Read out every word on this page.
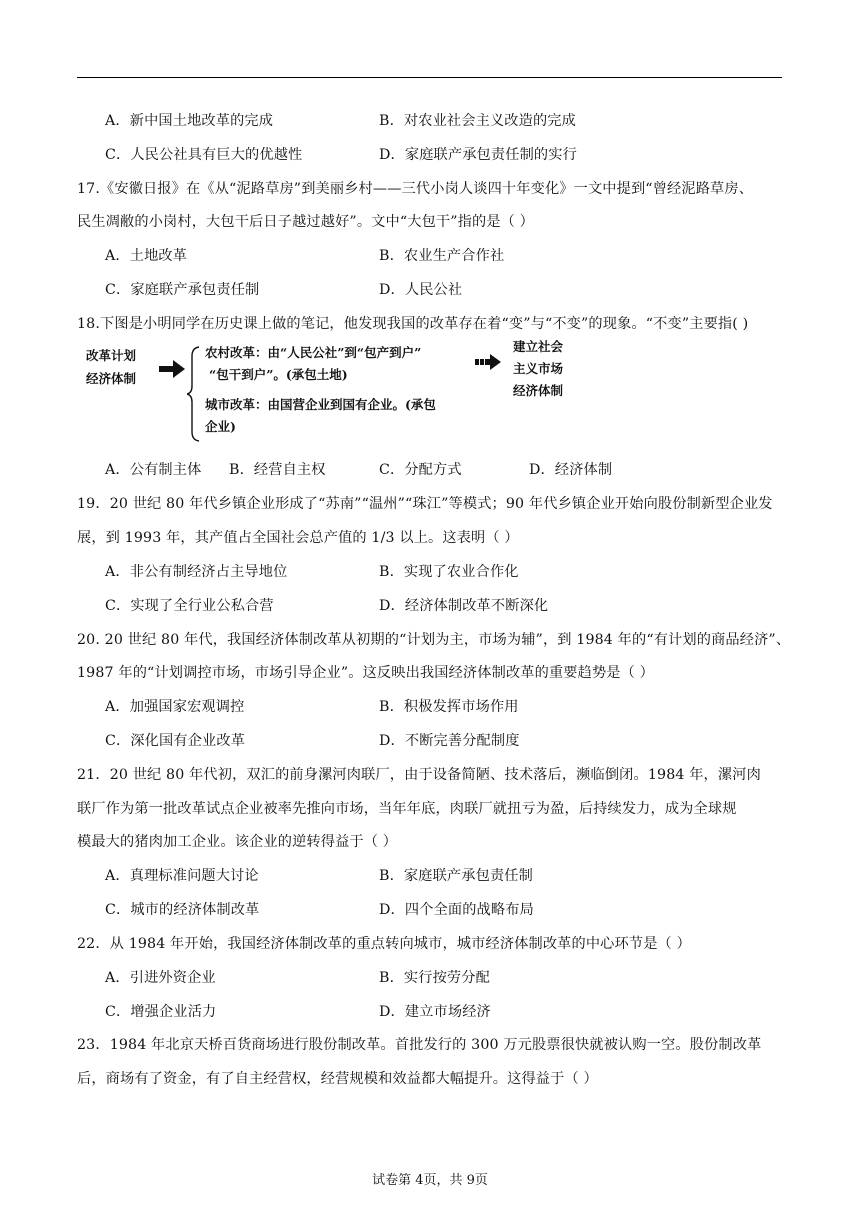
A．新中国土地改革的完成	B．对农业社会主义改造的完成
C．人民公社具有巨大的优越性	D．家庭联产承包责任制的实行
17.《安徽日报》在《从“泥路草房”到美丽乡村——三代小岗人谈四十年变化》一文中提到“曾经泥路草房、
民生凋敝的小岗村，大包干后日子越过越好”。文中“大包干”指的是（ ）
A．土地改革	B．农业生产合作社
C．家庭联产承包责任制	D．人民公社
18.下图是小明同学在历史课上做的笔记，他发现我国的改革存在着“变”与“不变”的现象。“不变”主要指( )
改革计划
经济体制
农村改革：由“人民公社”到“包产到户”
“包干到户”。(承包土地)
城市改革：由国营企业到国有企业。(承包
企业)
建立社会
主义市场
经济体制
A．公有制主体 B．经营自主权	C．分配方式	D．经济体制
19．20 世纪 80 年代乡镇企业形成了“苏南”“温州”“珠江”等模式；90 年代乡镇企业开始向股份制新型企业发
展，到 1993 年，其产值占全国社会总产值的 1/3 以上。这表明（ ）
A．非公有制经济占主导地位	B．实现了农业合作化
C．实现了全行业公私合营	D．经济体制改革不断深化
20. 20 世纪 80 年代，我国经济体制改革从初期的“计划为主，市场为辅”，到 1984 年的“有计划的商品经济”、
1987 年的“计划调控市场，市场引导企业”。这反映出我国经济体制改革的重要趋势是（ ）
A．加强国家宏观调控	B．积极发挥市场作用
C．深化国有企业改革	D．不断完善分配制度
21．20 世纪 80 年代初，双汇的前身漯河肉联厂，由于设备简陋、技术落后，濒临倒闭。1984 年，漯河肉
联厂作为第一批改革试点企业被率先推向市场，当年年底，肉联厂就扭亏为盈，后持续发力，成为全球规
模最大的猪肉加工企业。该企业的逆转得益于（ ）
A．真理标准问题大讨论	B．家庭联产承包责任制
C．城市的经济体制改革	D．四个全面的战略布局
22．从 1984 年开始，我国经济体制改革的重点转向城市，城市经济体制改革的中心环节是（ ）
A．引进外资企业	B．实行按劳分配
C．增强企业活力	D．建立市场经济
23．1984 年北京天桥百货商场进行股份制改革。首批发行的 300 万元股票很快就被认购一空。股份制改革
后，商场有了资金，有了自主经营权，经营规模和效益都大幅提升。这得益于（ ）
试卷第 4页，共 9页
